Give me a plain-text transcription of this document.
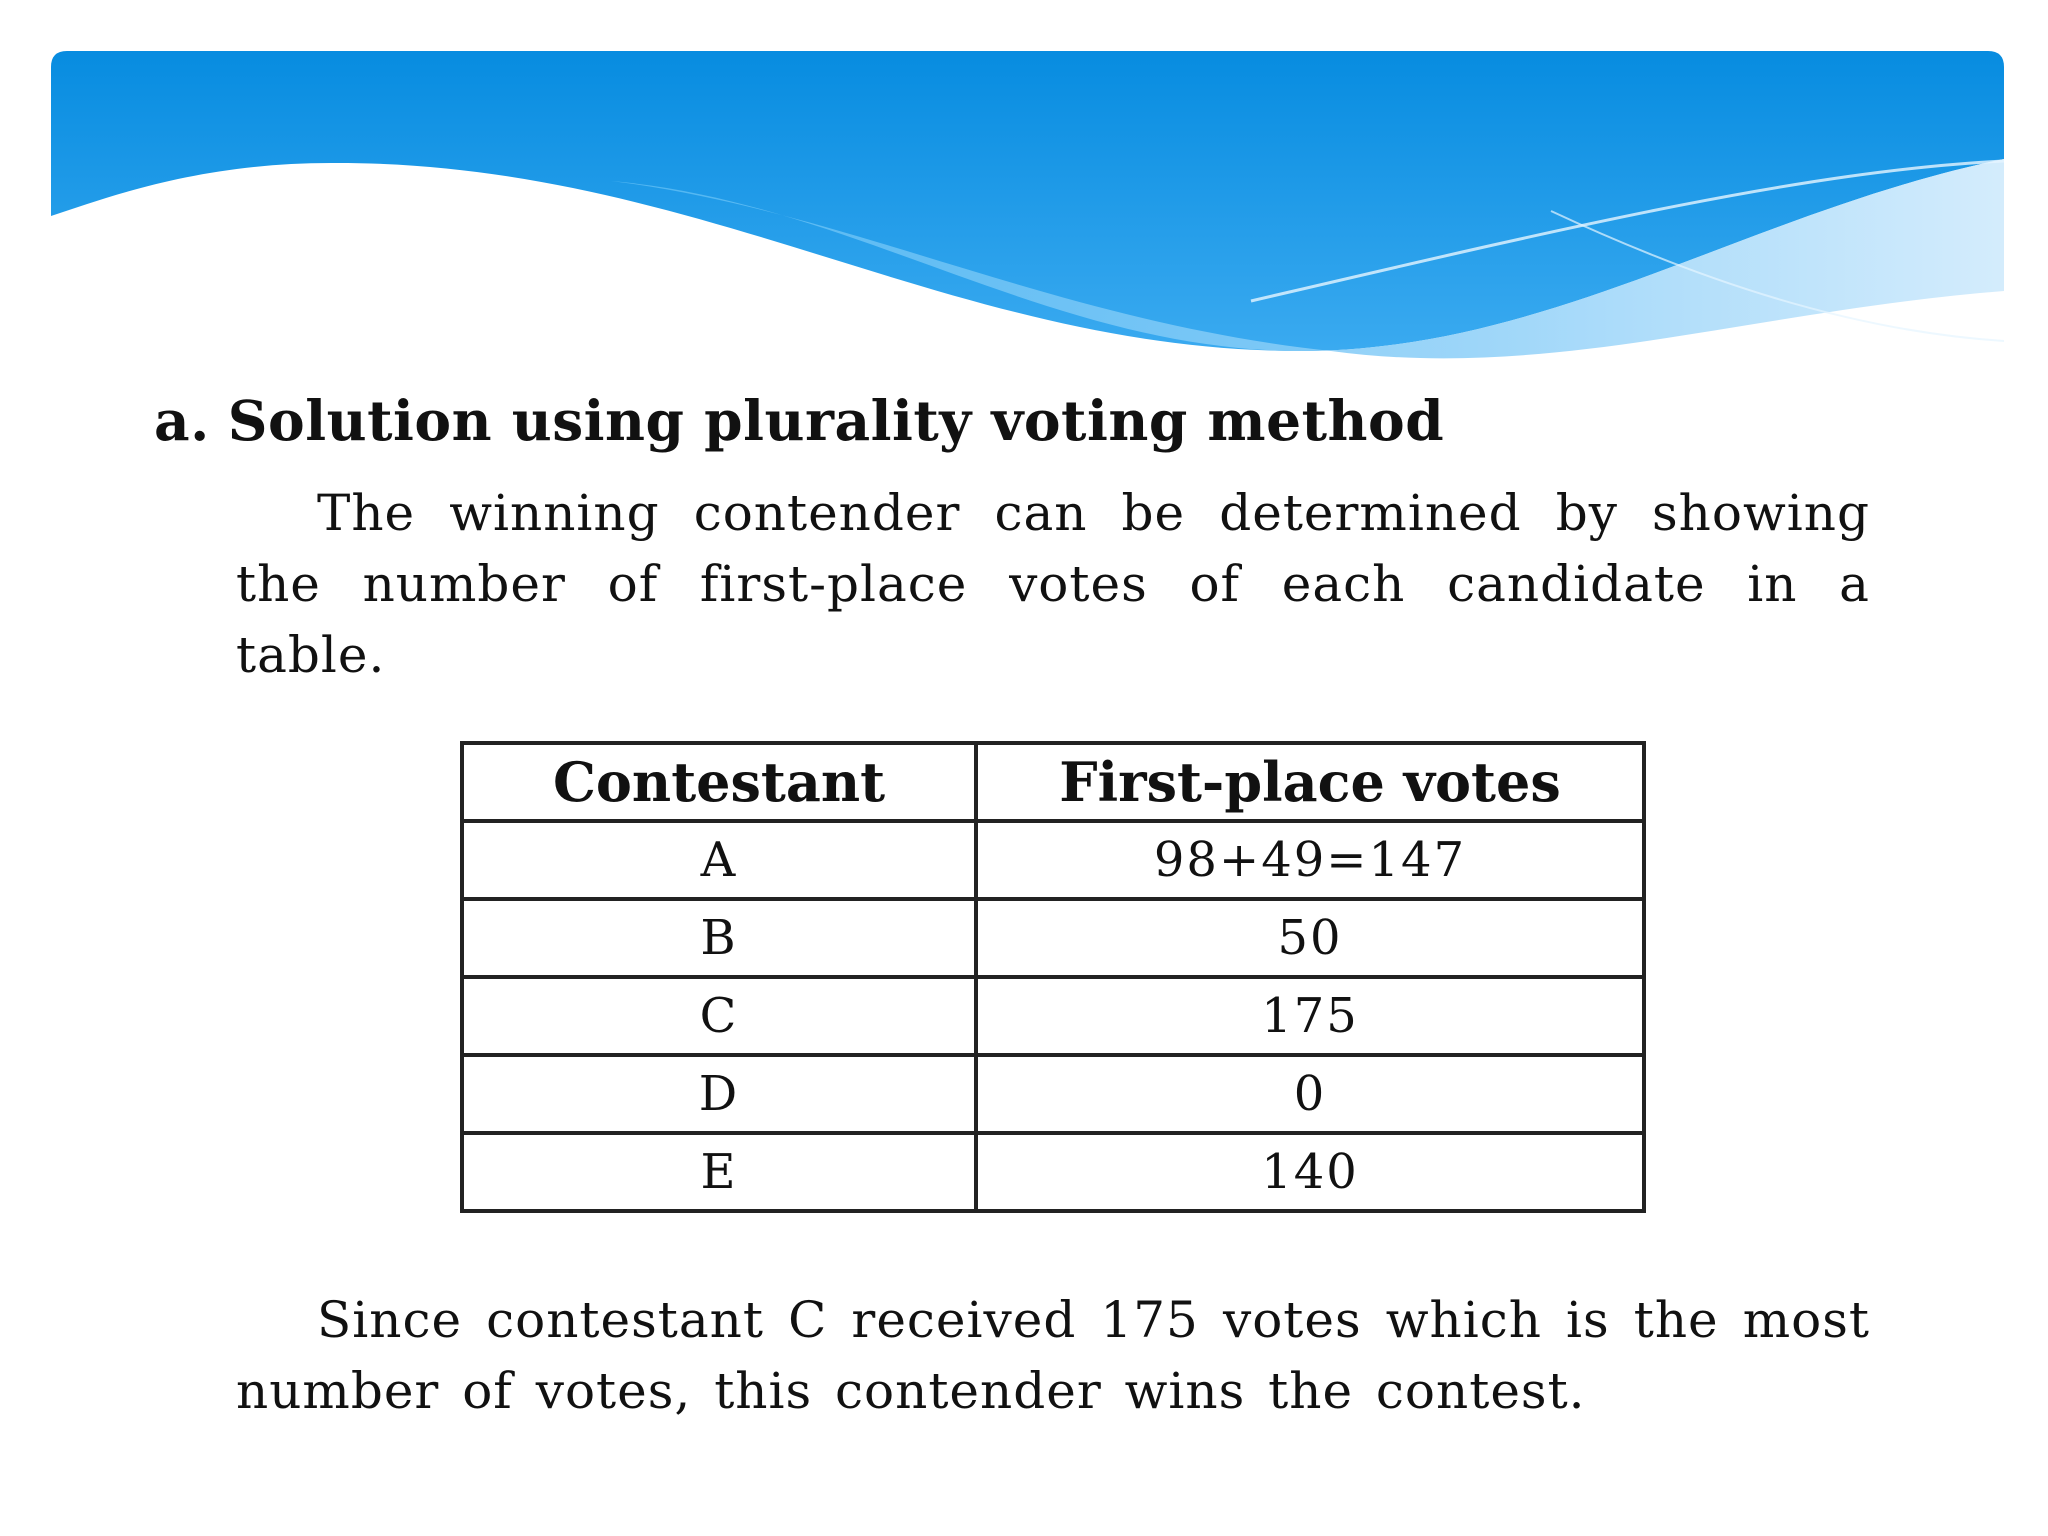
a. Solution using plurality voting method

The winning contender can be determined by showing the number of first-place votes of each candidate in a table.

Contestant	First-place votes
A	98+49=147
B	50
C	175
D	0
E	140

Since contestant C received 175 votes which is the most number of votes, this contender wins the contest.
